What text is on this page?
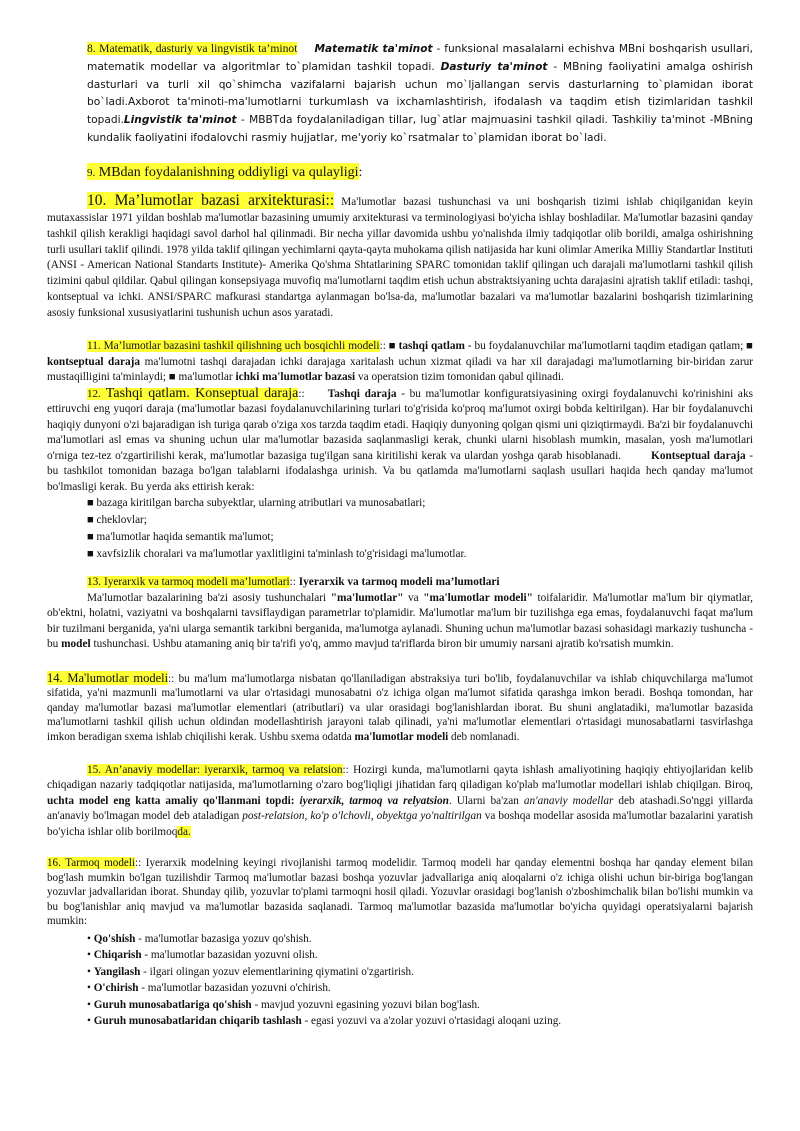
8. Matematik, dasturiy va lingvistik ta’minot Matematik ta'minot - funksional masalalarni echishva MBni boshqarish usullari, matematik modellar va algoritmlar to`plamidan tashkil topadi. Dasturiy ta'minot - MBning faoliyatini amalga oshirish dasturlari va turli xil qo`shimcha vazifalarni bajarish uchun mo`ljallangan servis dasturlarning to`plamidan iborat bo`ladi.Axborot ta'minoti-ma'lumotlarni turkumlash va ixchamlashtirish, ifodalash va taqdim etish tizimlaridan tashkil topadi.Lingvistik ta'minot - MBBTda foydalaniladigan tillar, lug`atlar majmuasini tashkil qiladi. Tashkiliy ta'minot -MBning kundalik faoliyatini ifodalovchi rasmiy hujjatlar, me'yoriy ko`rsatmalar to`plamidan iborat bo`ladi.

9. MBdan foydalanishning oddiyligi va qulayligi:

10. Ma’lumotlar bazasi arxitekturasi:: Ma'lumotlar bazasi tushunchasi va uni boshqarish tizimi ishlab chiqilganidan keyin mutaxassislar 1971 yildan boshlab ma'lumotlar bazasining umumiy arxitekturasi va terminologiyasi bo'yicha ishlay boshladilar. Ma'lumotlar bazasini qanday tashkil qilish kerakligi haqidagi savol darhol hal qilinmadi. Bir necha yillar davomida ushbu yo'nalishda ilmiy tadqiqotlar olib borildi, amalga oshirishning turli usullari taklif qilindi. 1978 yilda taklif qilingan yechimlarni qayta-qayta muhokama qilish natijasida har kuni olimlar Amerika Milliy Standartlar Instituti (ANSI - American National Standarts Institute)- Amerika Qo'shma Shtatlarining SPARC tomonidan taklif qilingan uch darajali ma'lumotlarni tashkil qilish tizimini qabul qildilar. Qabul qilingan konsepsiyaga muvofiq ma'lumotlarni taqdim etish uchun abstraktsiyaning uchta darajasini ajratish taklif etiladi: tashqi, kontseptual va ichki. ANSI/SPARC mafkurasi standartga aylanmagan bo'lsa-da, ma'lumotlar bazalari va ma'lumotlar bazalarini boshqarish tizimlarining asosiy funksional xususiyatlarini tushunish uchun asos yaratadi.

11. Ma’lumotlar bazasini tashkil qilishning uch bosqichli modeli:: ■ tashqi qatlam - bu foydalanuvchilar ma'lumotlarni taqdim etadigan qatlam; ■ kontseptual daraja ma'lumotni tashqi darajadan ichki darajaga xaritalash uchun xizmat qiladi va har xil darajadagi ma'lumotlarning bir-biridan zarur mustaqilligini ta'minlaydi; ■ ma'lumotlar ichki ma'lumotlar bazasi va operatsion tizim tomonidan qabul qilinadi.

12. Tashqi qatlam. Konseptual daraja::     Tashqi daraja - bu ma'lumotlar konfiguratsiyasining oxirgi foydalanuvchi ko'rinishini aks ettiruvchi eng yuqori daraja (ma'lumotlar bazasi foydalanuvchilarining turlari to'g'risida ko'proq ma'lumot oxirgi bobda keltirilgan). Har bir foydalanuvchi haqiqiy dunyoni o'zi bajaradigan ish turiga qarab o'ziga xos tarzda taqdim etadi. Haqiqiy dunyoning qolgan qismi uni qiziqtirmaydi. Ba'zi bir foydalanuvchi ma'lumotlari asl emas va shuning uchun ular ma'lumotlar bazasida saqlanmasligi kerak, chunki ularni hisoblash mumkin, masalan, yosh ma'lumotlari o'rniga tez-tez o'zgartirilishi kerak, ma'lumotlar bazasiga tug'ilgan sana kiritilishi kerak va ulardan yoshga qarab hisoblanadi.	Kontseptual daraja - bu tashkilot tomonidan bazaga bo'lgan talablarni ifodalashga urinish. Va bu qatlamda ma'lumotlarni saqlash usullari haqida hech qanday ma'lumot bo'lmasligi kerak. Bu yerda aks ettirish kerak:

■ bazaga kiritilgan barcha subyektlar, ularning atributlari va munosabatlari;
■ cheklovlar;
■ ma'lumotlar haqida semantik ma'lumot;
■ xavfsizlik choralari va ma'lumotlar yaxlitligini ta'minlash to'g'risidagi ma'lumotlar.

13. Iyerarxik va tarmoq modeli ma’lumotlari:: Iyerarxik va tarmoq modeli ma’lumotlari

Ma'lumotlar bazalarining ba'zi asosiy tushunchalari "ma'lumotlar" va "ma'lumotlar modeli" toifalaridir. Ma'lumotlar ma'lum bir qiymatlar, ob'ektni, holatni, vaziyatni va boshqalarni tavsiflaydigan parametrlar to'plamidir. Ma'lumotlar ma'lum bir tuzilishga ega emas, foydalanuvchi faqat ma'lum bir tuzilmani berganida, ya'ni ularga semantik tarkibni berganida, ma'lumotga aylanadi. Shuning uchun ma'lumotlar bazasi sohasidagi markaziy tushuncha - bu model tushunchasi. Ushbu atamaning aniq bir ta'rifi yo'q, ammo mavjud ta'riflarda biron bir umumiy narsani ajratib ko'rsatish mumkin.

14. Ma'lumotlar modeli:: bu ma'lum ma'lumotlarga nisbatan qo'llaniladigan abstraksiya turi bo'lib, foydalanuvchilar va ishlab chiquvchilarga ma'lumot sifatida, ya'ni mazmunli ma'lumotlarni va ular o'rtasidagi munosabatni o'z ichiga olgan ma'lumot sifatida qarashga imkon beradi. Boshqa tomondan, har qanday ma'lumotlar bazasi ma'lumotlar elementlari (atributlari) va ular orasidagi bog'lanishlardan iborat. Bu shuni anglatadiki, ma'lumotlar bazasida ma'lumotlarni tashkil qilish uchun oldindan modellashtirish jarayoni talab qilinadi, ya'ni ma'lumotlar elementlari o'rtasidagi munosabatlarni tasvirlashga imkon beradigan sxema ishlab chiqilishi kerak. Ushbu sxema odatda ma'lumotlar modeli deb nomlanadi.

15. An’anaviy modellar: iyerarxik, tarmoq va relatsion:: Hozirgi kunda, ma'lumotlarni qayta ishlash amaliyotining haqiqiy ehtiyojlaridan kelib chiqadigan nazariy tadqiqotlar natijasida, ma'lumotlarning o'zaro bog'liqligi jihatidan farq qiladigan ko'plab ma'lumotlar modellari ishlab chiqilgan. Biroq, uchta model eng katta amaliy qo'llanmani topdi: iyerarxik, tarmoq va relyatsion. Ularni ba'zan an'anaviy modellar deb atashadi.So'nggi yillarda an'anaviy bo'lmagan model deb ataladigan post-relatsion, ko'p o'lchovli, obyektga yo'naltirilgan va boshqa modellar asosida ma'lumotlar bazalarini yaratish bo'yicha ishlar olib borilmoqda.

16. Tarmoq modeli:: Iyerarxik modelning keyingi rivojlanishi tarmoq modelidir. Tarmoq modeli har qanday elementni boshqa har qanday element bilan bog'lash mumkin bo'lgan tuzilishdir Tarmoq ma'lumotlar bazasi boshqa yozuvlar jadvallariga aniq aloqalarni o'z ichiga olishi uchun bir-biriga bog'langan yozuvlar jadvallaridan iborat. Shunday qilib, yozuvlar to'plami tarmoqni hosil qiladi. Yozuvlar orasidagi bog'lanish o'zboshimchalik bilan bo'lishi mumkin va bu bog'lanishlar aniq mavjud va ma'lumotlar bazasida saqlanadi. Tarmoq ma'lumotlar bazasida ma'lumotlar bo'yicha quyidagi operatsiyalarni bajarish mumkin:

• Qo'shish - ma'lumotlar bazasiga yozuv qo'shish.
• Chiqarish - ma'lumotlar bazasidan yozuvni olish.
• Yangilash - ilgari olingan yozuv elementlarining qiymatini o'zgartirish.
• O'chirish - ma'lumotlar bazasidan yozuvni o'chirish.
• Guruh munosabatlariga qo'shish - mavjud yozuvni egasining yozuvi bilan bog'lash.
• Guruh munosabatlaridan chiqarib tashlash - egasi yozuvi va a'zolar yozuvi o'rtasidagi aloqani uzing.
